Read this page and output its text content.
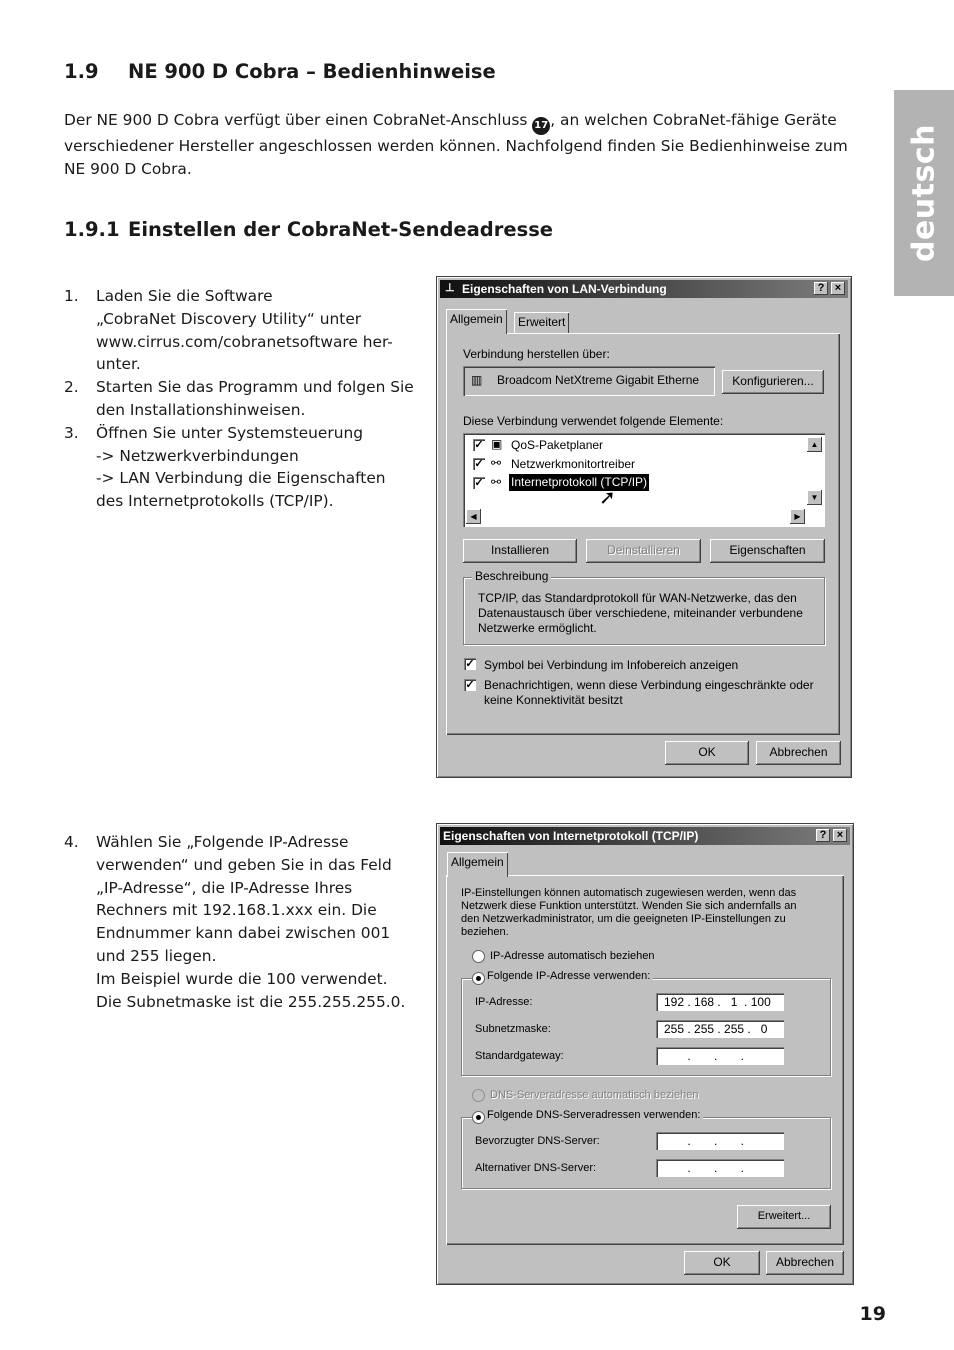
1.9 NE 900 D Cobra – Bedienhinweise

Der NE 900 D Cobra verfügt über einen CobraNet-Anschluss 17 , an welchen CobraNet-fähige Geräte verschiedener Hersteller angeschlossen werden können. Nachfolgend finden Sie Bedienhinweise zum NE 900 D Cobra.

1.9.1 Einstellen der CobraNet-Sendeadresse
1. Laden Sie die Software
„CobraNet Discovery Utility“ unter
www.cirrus.com/cobranetsoftware her-
unter.
2. Starten Sie das Programm und folgen Sie
den Installationshinweisen.
3. Öffnen Sie unter Systemsteuerung
-> Netzwerkverbindungen
-> LAN Verbindung die Eigenschaften
des Internetprotokolls (TCP/IP).
4. Wählen Sie „Folgende IP-Adresse
verwenden“ und geben Sie in das Feld
„IP-Adresse“, die IP-Adresse Ihres
Rechners mit 192.168.1.xxx ein. Die
Endnummer kann dabei zwischen 001
und 255 liegen.
Im Beispiel wurde die 100 verwendet.
Die Subnetmaske ist die 255.255.255.0.
deutsch
19
⊥ Eigenschaften von LAN-Verbindung	? ×
Allgemein	Erweitert
Verbindung herstellen über:
▥ Broadcom NetXtreme Gigabit Etherne	Konfigurieren...
Diese Verbindung verwendet folgende Elemente:
✓ ▣ QoS-Paketplaner
✓ ⚯ Netzwerkmonitortreiber
✓ ⚯ Internetprotokoll (TCP/IP)
➚
▲
▼
◀	▶
Installieren	Deinstallieren	Eigenschaften
Beschreibung
TCP/IP, das Standardprotokoll für WAN-Netzwerke, das den Datenaustausch über verschiedene, miteinander verbundene Netzwerke ermöglicht.
✓ Symbol bei Verbindung im Infobereich anzeigen
✓ Benachrichtigen, wenn diese Verbindung eingeschränkte oder keine Konnektivität besitzt
OK	Abbrechen
Eigenschaften von Internetprotokoll (TCP/IP)	? ×
Allgemein
IP-Einstellungen können automatisch zugewiesen werden, wenn das Netzwerk diese Funktion unterstützt. Wenden Sie sich andernfalls an den Netzwerkadministrator, um die geeigneten IP-Einstellungen zu beziehen.
IP-Adresse automatisch beziehen
Folgende IP-Adresse verwenden:
IP-Adresse:	192 . 168 .   1  . 100
Subnetzmaske:	255 . 255 . 255 .   0
Standardgateway:	.       .       .
DNS-Serveradresse automatisch beziehen
Folgende DNS-Serveradressen verwenden:
Bevorzugter DNS-Server:	.       .       .
Alternativer DNS-Server:	.       .       .
Erweitert...
OK	Abbrechen
